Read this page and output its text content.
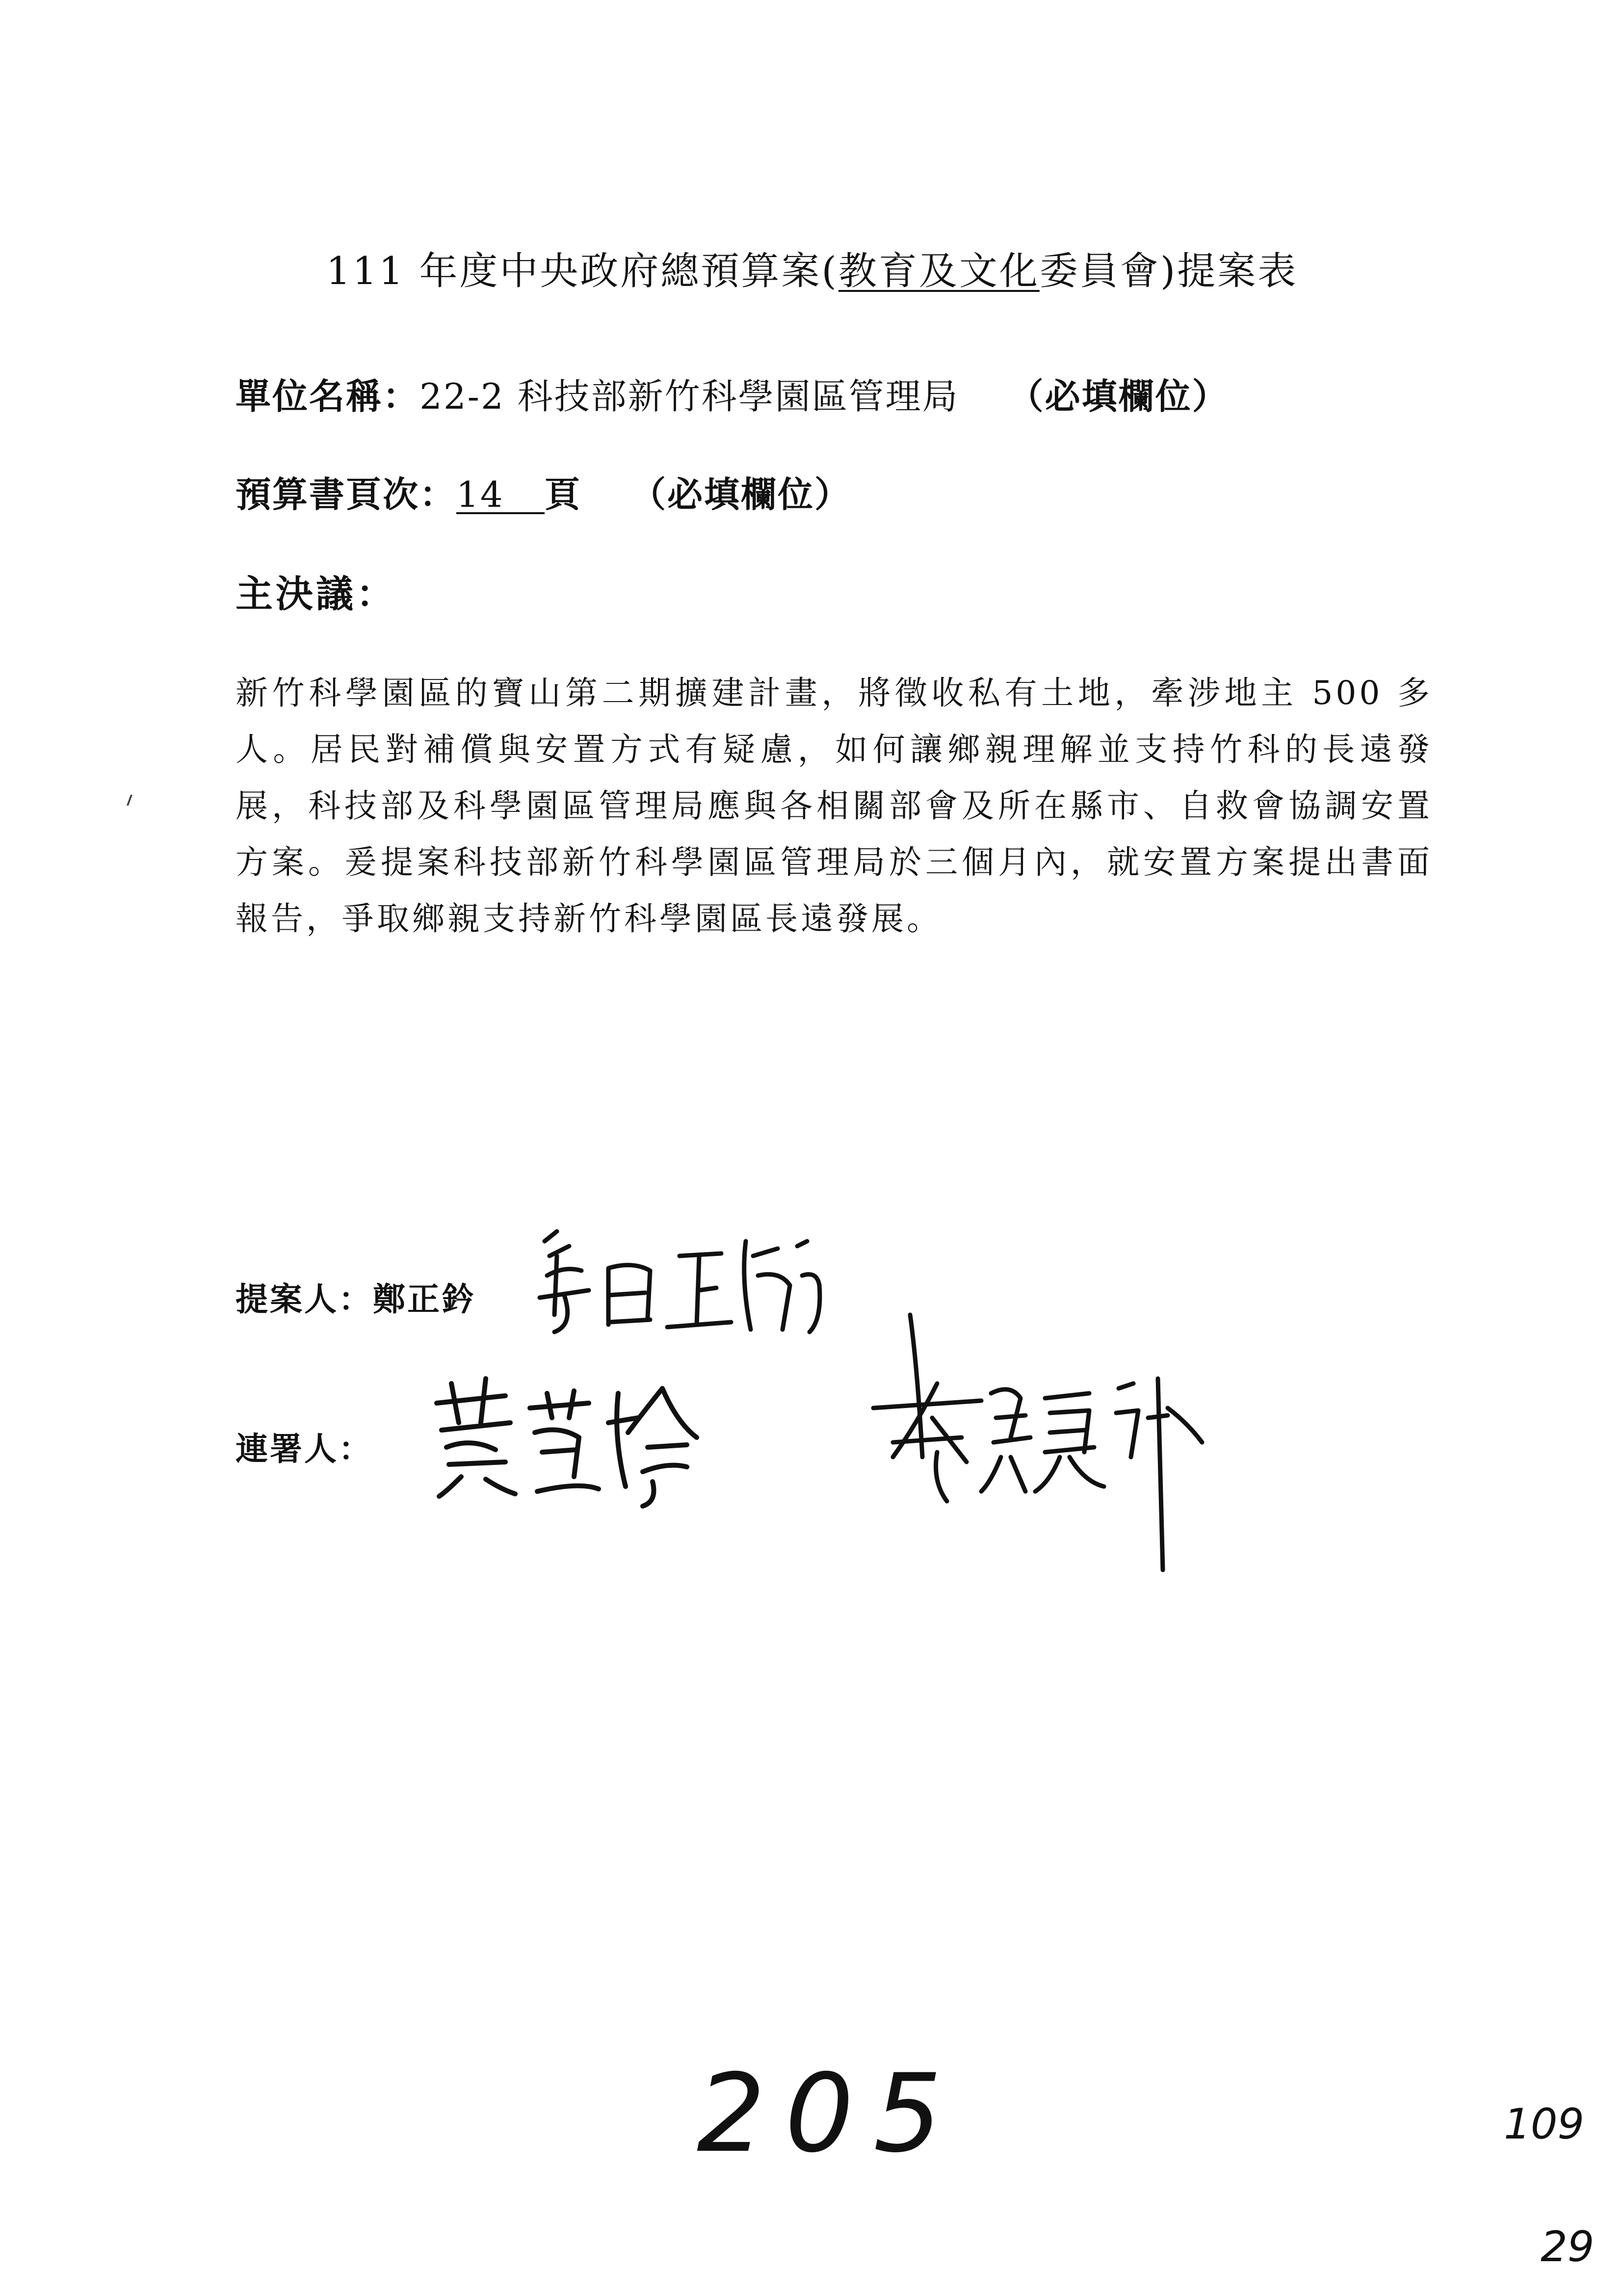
111 年度中央政府總預算案(教育及文化委員會)提案表
單位名稱：22-2 科技部新竹科學園區管理局 （必填欄位）
預算書頁次：14 頁 （必填欄位）
主決議：
新竹科學園區的寶山第二期擴建計畫，將徵收私有土地，牽涉地主 500 多人。居民對補償與安置方式有疑慮，如何讓鄉親理解並支持竹科的長遠發展，科技部及科學園區管理局應與各相關部會及所在縣市、自救會協調安置方案。爰提案科技部新竹科學園區管理局於三個月內，就安置方案提出書面報告，爭取鄉親支持新竹科學園區長遠發展。
提案人：鄭正鈐
連署人：
205	109
29
